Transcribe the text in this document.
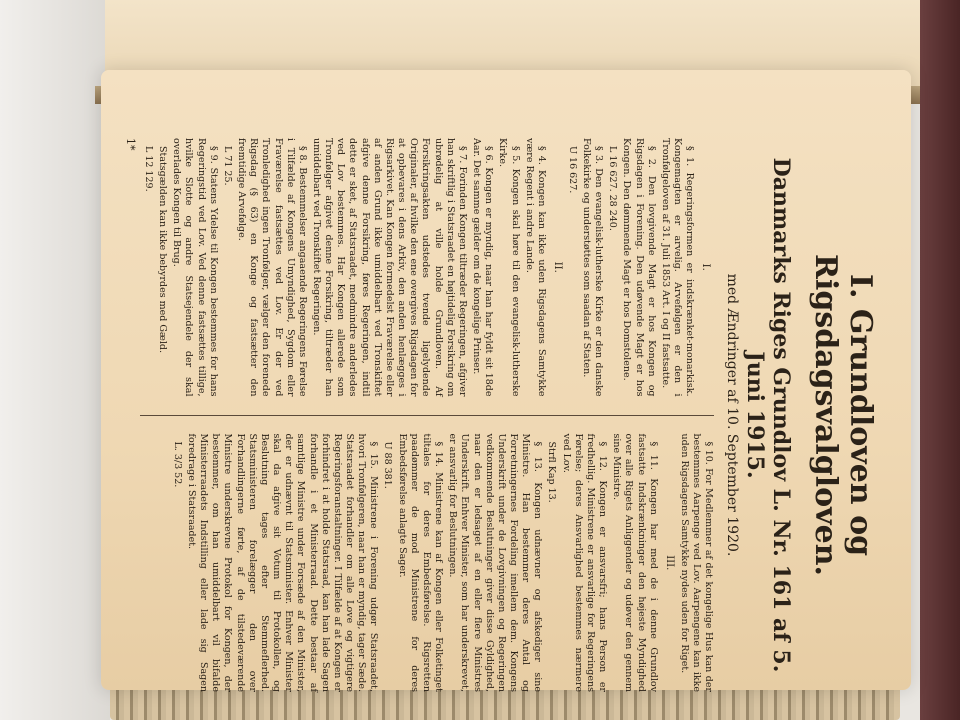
I. Grundloven og Rigsdagsvalgloven.
Danmarks Riges Grundlov L. Nr. 161 af 5. Juni 1915.
med Ændringer af 10. September 1920.
I.
§ 1. Regeringsformen er indskrænket-monarkisk. Kongemagten er arvelig. Arvefølgen er den i Tronfølgeloven af 31. Juli 1853 Art. I og II fastsatte.
§ 2. Den lovgivende Magt er hos Kongen og Rigsdagen i Forening. Den udøvende Magt er hos Kongen. Den dømmende Magt er hos Domstolene.
L 16 627. 28 240.
§ 3. Den evangelisk-lutherske Kirke er den danske Folkekirke og understøttes som saadan af Staten.
U 16 627.
II.
§ 4. Kongen kan ikke uden Rigsdagens Samtykke være Regent i andre Lande.
§ 5. Kongen skal høre til den evangelisk-lutherske Kirke.
§ 6. Kongen er myndig, naar han har fyldt sit 18de Aar. Det samme gælder om de kongelige Prinser.
§ 7. Forinden Kongen tiltræder Regeringen, afgiver han skriftlig i Statsraadet en højtidelig Forsikring om ubrødelig at ville holde Grundloven. Af Forsikringsakten udstedes tvende ligelydende Originaler, af hvilke den ene overgives Rigsdagen for at opbevares i dens Arkiv, den anden henlægges i Rigsarkivet. Kan Kongen formedelst Fraværelse eller af anden Grund ikke umiddelbart ved Tronskiftet afgive denne Forsikring, føres Regeringen, indtil dette er sket, af Statsraadet, medmindre anderledes ved Lov bestemmes. Har Kongen allerede som Tronfølger afgivet denne Forsikring, tiltræder han umiddelbart ved Tronskiftet Regeringen.
§ 8. Bestemmelser angaaende Regeringens Førelse i Tilfælde af Kongens Umyndighed, Sygdom eller Fraværelse fastsættes ved Lov. Er der ved Tronledighed ingen Tronfølger, vælger den forenede Rigsdag (§ 63) en Konge og fastsætter den fremtidige Arvefølge.
L 71 25.
§ 9. Statens Ydelse til Kongen bestemmes for hans Regeringstid ved Lov. Ved denne fastsættes tillige, hvilke Slotte og andre Statsejendele der skal overlades Kongen til Brug.
Statsgælden kan ikke bebyrdes med Gæld.
L 12 129.
§ 10. For Medlemmer af det kongelige Hus kan der bestemmes Aarpenge ved Lov. Aarpengene kan ikke uden Rigsdagens Samtykke nydes uden for Riget.
III.
§ 11. Kongen har med de i denne Grundlov fastsatte Indskrænkninger den højeste Myndighed over alle Rigets Anliggender og udøver den gennem sine Ministre.
§ 12. Kongen er ansvarsfri; hans Person er fredhellig. Ministrene er ansvarlige for Regeringens Førelse; deres Ansvarlighed bestemmes nærmere ved Lov.
Strfl Kap 13.
§ 13. Kongen udnævner og afskediger sine Ministre. Han bestemmer deres Antal og Forretningernes Fordeling imellem dem. Kongens Underskrift under de Lovgivningen og Regeringen vedkommende Beslutninger giver disse Gyldighed, naar den er ledsaget af en eller flere Ministres Underskrift. Enhver Minister, som har underskrevet, er ansvarlig for Beslutningen.
§ 14. Ministrene kan af Kongen eller Folketinget tiltales for deres Embedsførelse. Rigsretten paadømmer de mod Ministrene for deres Embedsførelse anlagte Sager.
U 88 381.
§ 15. Ministrene i Forening udgør Statsraadet, hvori Tronfølgeren, naar han er myndig, tager Sæde. Statsraadet forhandler om alle Love og vigtigere Regeringsforanstaltninger. I Tilfælde af at Kongen er forhindret i at holde Statsraad, kan han lade Sagen forhandle i et Ministerraad. Dette bestaar af samtlige Ministre under Forsæde af den Minister, der er udnævnt til Statsminister. Enhver Minister skal da afgive sit Votum til Protokollen, og Beslutning tages efter Stemmeflerhed. Statsministeren forelægger den over Forhandlingerne førte, af de tilstedeværende Ministre underskrevne Protokol for Kongen, der bestemmer, om han umiddelbart vil bifalde Ministerraadets Indstilling eller lade sig Sagen foredrage i Statsraadet.
L. 3/3 52.
1*
